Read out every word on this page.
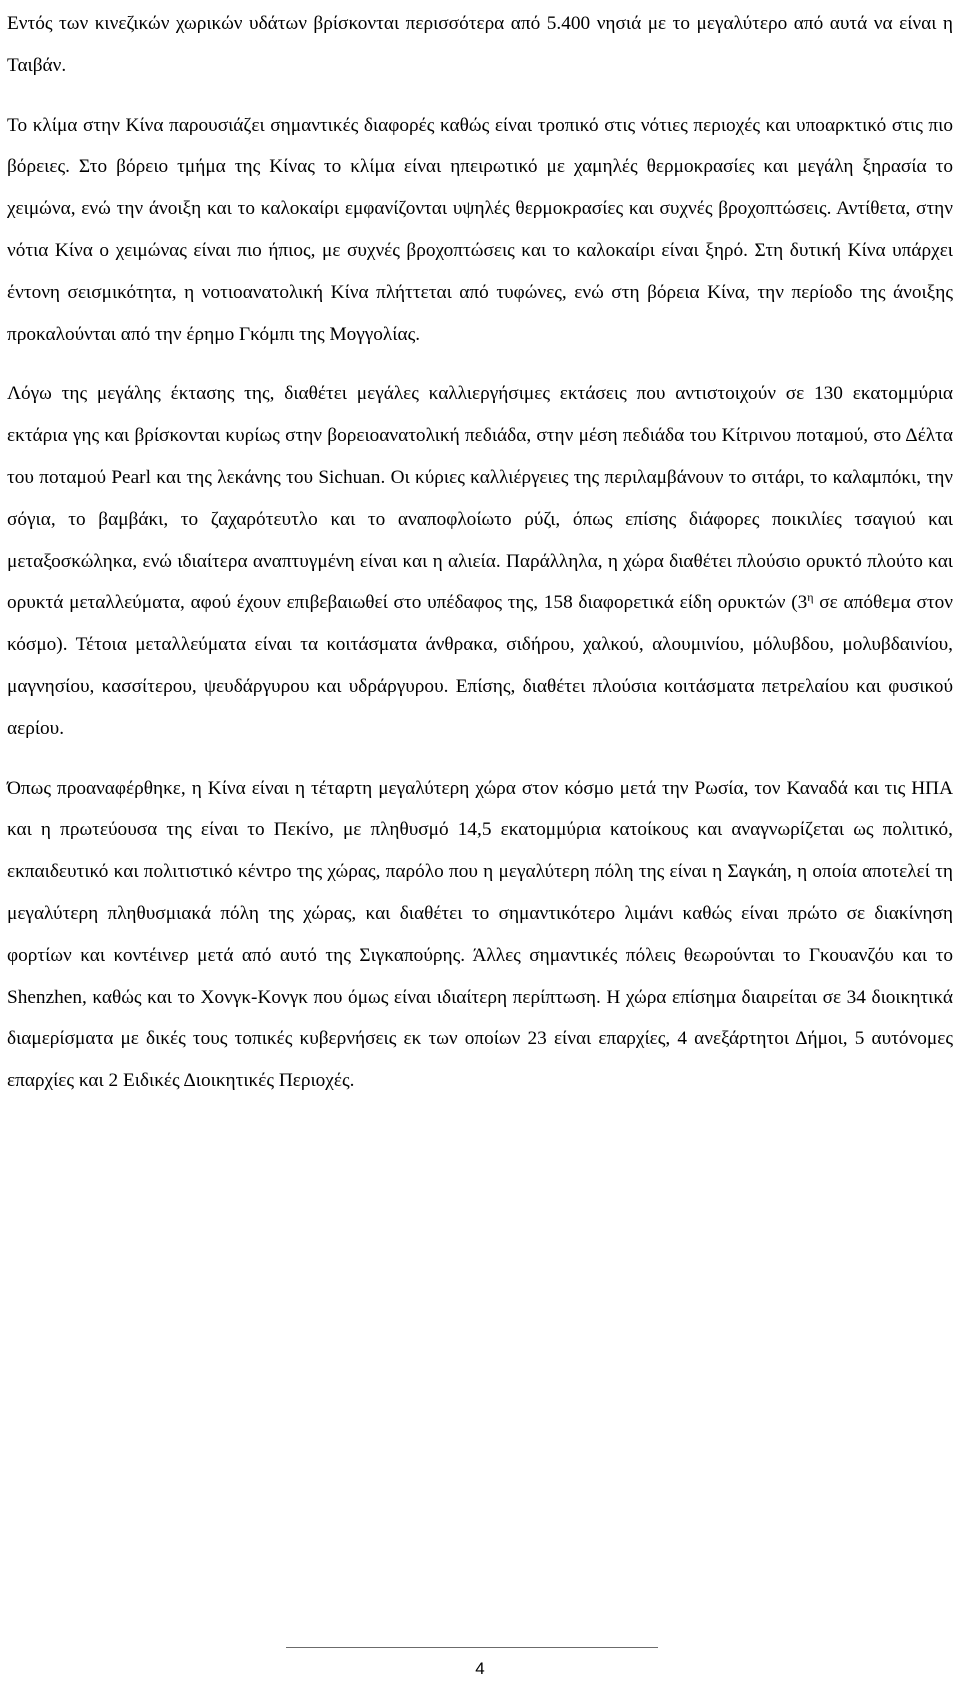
Εντός των κινεζικών χωρικών υδάτων βρίσκονται περισσότερα από 5.400 νησιά με το μεγαλύτερο από αυτά να είναι η Ταιβάν.

Το κλίμα στην Κίνα παρουσιάζει σημαντικές διαφορές καθώς είναι τροπικό στις νότιες περιοχές και υποαρκτικό στις πιο βόρειες. Στο βόρειο τμήμα της Κίνας το κλίμα είναι ηπειρωτικό με χαμηλές θερμοκρασίες και μεγάλη ξηρασία το χειμώνα, ενώ την άνοιξη και το καλοκαίρι εμφανίζονται υψηλές θερμοκρασίες και συχνές βροχοπτώσεις. Αντίθετα, στην νότια Κίνα ο χειμώνας είναι πιο ήπιος, με συχνές βροχοπτώσεις και το καλοκαίρι είναι ξηρό. Στη δυτική Κίνα υπάρχει έντονη σεισμικότητα, η νοτιοανατολική Κίνα πλήττεται από τυφώνες, ενώ στη βόρεια Κίνα, την περίοδο της άνοιξης προκαλούνται από την έρημο Γκόμπι της Μογγολίας.

Λόγω της μεγάλης έκτασης της, διαθέτει μεγάλες καλλιεργήσιμες εκτάσεις που αντιστοιχούν σε 130 εκατομμύρια εκτάρια γης και βρίσκονται κυρίως στην βορειοανατολική πεδιάδα, στην μέση πεδιάδα του Κίτρινου ποταμού, στο Δέλτα του ποταμού Pearl και της λεκάνης του Sichuan. Οι κύριες καλλιέργειες της περιλαμβάνουν το σιτάρι, το καλαμπόκι, την σόγια, το βαμβάκι, το ζαχαρότευτλο και το αναποφλοίωτο ρύζι, όπως επίσης διάφορες ποικιλίες τσαγιού και μεταξοσκώληκα, ενώ ιδιαίτερα αναπτυγμένη είναι και η αλιεία. Παράλληλα, η χώρα διαθέτει πλούσιο ορυκτό πλούτο και ορυκτά μεταλλεύματα, αφού έχουν επιβεβαιωθεί στο υπέδαφος της, 158 διαφορετικά είδη ορυκτών ($3^\eta$ σε απόθεμα στον κόσμο). Τέτοια μεταλλεύματα είναι τα κοιτάσματα άνθρακα, σιδήρου, χαλκού, αλουμινίου, μόλυβδου, μολυβδαινίου, μαγνησίου, κασσίτερου, ψευδάργυρου και υδράργυρου. Επίσης, διαθέτει πλούσια κοιτάσματα πετρελαίου και φυσικού αερίου.

Όπως προαναφέρθηκε, η Κίνα είναι η τέταρτη μεγαλύτερη χώρα στον κόσμο μετά την Ρωσία, τον Καναδά και τις ΗΠΑ και η πρωτεύουσα της είναι το Πεκίνο, με πληθυσμό 14,5 εκατομμύρια κατοίκους και αναγνωρίζεται ως πολιτικό, εκπαιδευτικό και πολιτιστικό κέντρο της χώρας, παρόλο που η μεγαλύτερη πόλη της είναι η Σαγκάη, η οποία αποτελεί τη μεγαλύτερη πληθυσμιακά πόλη της χώρας, και διαθέτει το σημαντικότερο λιμάνι καθώς είναι πρώτο σε διακίνηση φορτίων και κοντέινερ μετά από αυτό της Σιγκαπούρης. Άλλες σημαντικές πόλεις θεωρούνται το Γκουανζόυ και το Shenzhen, καθώς και το Χονγκ-Κονγκ που όμως είναι ιδιαίτερη περίπτωση. Η χώρα επίσημα διαιρείται σε 34 διοικητικά διαμερίσματα με δικές τους τοπικές κυβερνήσεις εκ των οποίων 23 είναι επαρχίες, 4 ανεξάρτητοι Δήμοι, 5 αυτόνομες επαρχίες και 2 Ειδικές Διοικητικές Περιοχές.

4
